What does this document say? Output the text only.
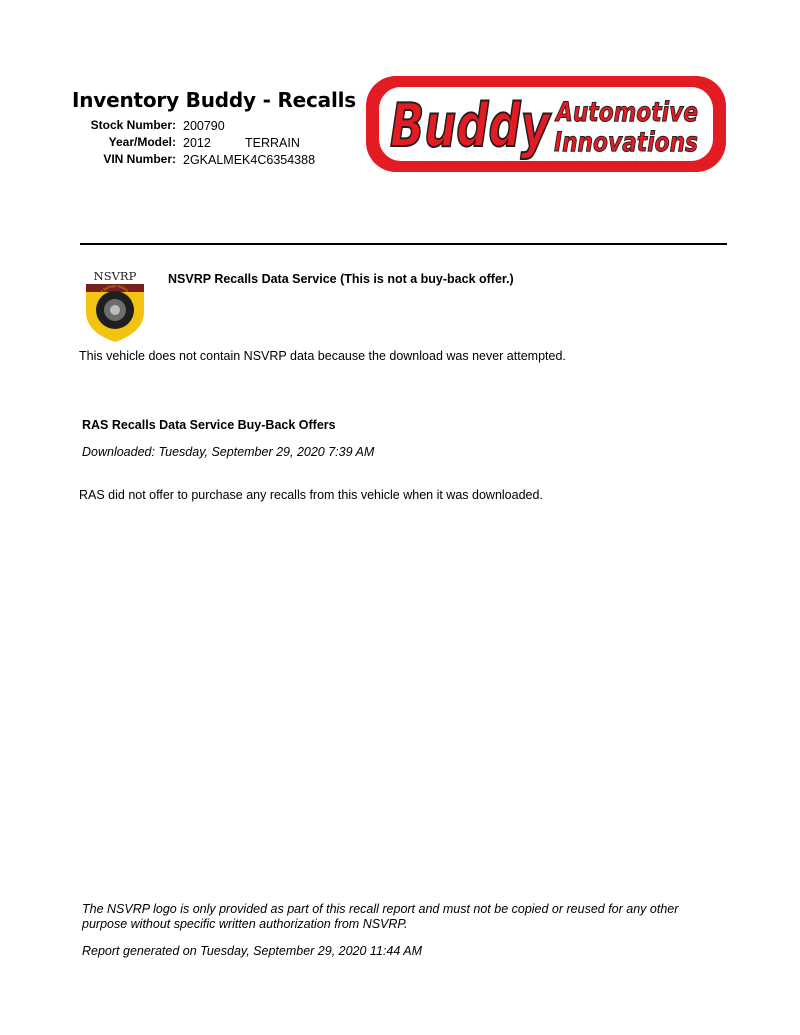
Inventory Buddy - Recalls
Stock Number: 200790
Year/Model: 2012	TERRAIN
VIN Number: 2GKALMEK4C6354388 Buddy Automotive
Innovations
NSVRP
National Salvage Vehicle Report
NSVRP Recalls Data Service (This is not a buy-back offer.)
This vehicle does not contain NSVRP data because the download was never attempted.
RAS Recalls Data Service Buy-Back Offers
Downloaded: Tuesday, September 29, 2020 7:39 AM
RAS did not offer to purchase any recalls from this vehicle when it was downloaded.
The NSVRP logo is only provided as part of this recall report and must not be copied or reused for any other purpose without specific written authorization from NSVRP.
Report generated on Tuesday, September 29, 2020 11:44 AM
